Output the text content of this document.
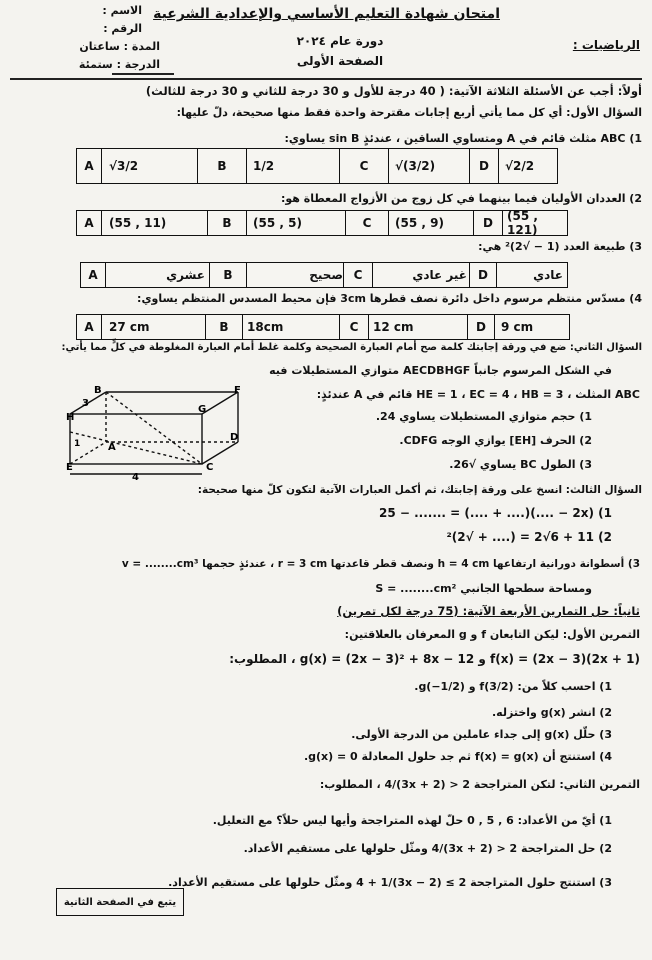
الاسم :
الرقم :
المدة : ساعتان
الدرجة : ستمئة
امتحان شهادة التعليم الأساسي والإعدادية الشرعية
دورة عام ٢٠٢٤
الصفحة الأولى
الرياضيات :
أولاً: أجب عن الأسئلة الثلاثة الآتية: ( 40 درجة للأول و 30 درجة للثاني و 30 درجة للثالث)
السؤال الأول: أي كل مما يأتي أربع إجابات مقترحة واحدة فقط منها صحيحة، دلّ عليها:
1) ABC مثلث قائم في A ومتساوي الساقين ، عندئذٍ sin B يساوي:
A	√3/2	B	1/2	C	√(3/2)	D	√2/2
2) العددان الأوليان فيما بينهما في كل زوج من الأزواج المعطاة هو:
A	(55 , 11)	B	(55 , 5)	C	(55 , 9)	D	(55 , 121)
3) طبيعة العدد (1 − √2)² هي:
A	عشري	B	صحيح C	غير عادي D	عادي
4) مسدّس منتظم مرسوم داخل دائرة نصف قطرها 3cm فإن محيط المسدس المنتظم يساوي:
A	27 cm	B	18cm	C	12 cm	D	9 cm
السؤال الثاني: ضع في ورقة إجابتك كلمة صح أمام العبارة الصحيحة وكلمة غلط أمام العبارة المغلوطة في كلٍّ مما يأتي:
في الشكل المرسوم جانباً AECDBHGF متوازي المستطيلات فيه
ABC المثلث ، HE = 1 ، EC = 4 ، HB = 3 قائم في A عندئذٍ:
1) حجم متوازي المستطيلات يساوي 24.
2) الحرف [EH] يوازي الوجه CDFG.
3) الطول BC يساوي √26.
B	F
H
E
G
A
D
C
3
1
4
السؤال الثالث: انسخ على ورقة إجابتك، ثم أكمل العبارات الآتية لتكون كلّ منها صحيحة:
1) (2x − ....)(.... + ....) = ....... − 25
2) 11 + 6√2 = (.... + √2)²
3) أسطوانة دورانية ارتفاعها h = 4 cm ونصف قطر قاعدتها r = 3 cm ، عندئذٍ حجمها v = ........cm³
ومساحة سطحها الجانبي S = ........cm²
ثانياً: حل التمارين الأربعة الآتية: (75 درجة لكل تمرين)
التمرين الأول: ليكن التابعان f و g المعرفان بالعلاقتين:
f(x) = (2x − 3)(2x + 1) و g(x) = (2x − 3)² + 8x − 12 ، المطلوب:
1) احسب كلاً من: f(3/2) و g(−1/2).
2) انشر g(x) واختزله.
3) حلّل g(x) إلى جداء عاملين من الدرجة الأولى.
4) استنتج أن f(x) = g(x) ثم جد حلول المعادلة g(x) = 0.
التمرين الثاني: لتكن المتراجحة 2 < (3x + 2)/4 ، المطلوب:
1) أيّ من الأعداد: 6 , 5 , 0 حلّ لهذه المتراجحة وأيها ليس حلاً؟ مع التعليل.
2) حل المتراجحة 2 < (3x + 2)/4 ومثّل حلولها على مستقيم الأعداد.
3) استنتج حلول المتراجحة 2 ≥ (3x − 2)/4 + 1 ومثّل حلولها على مستقيم الأعداد.
يتبع في الصفحة الثانية
